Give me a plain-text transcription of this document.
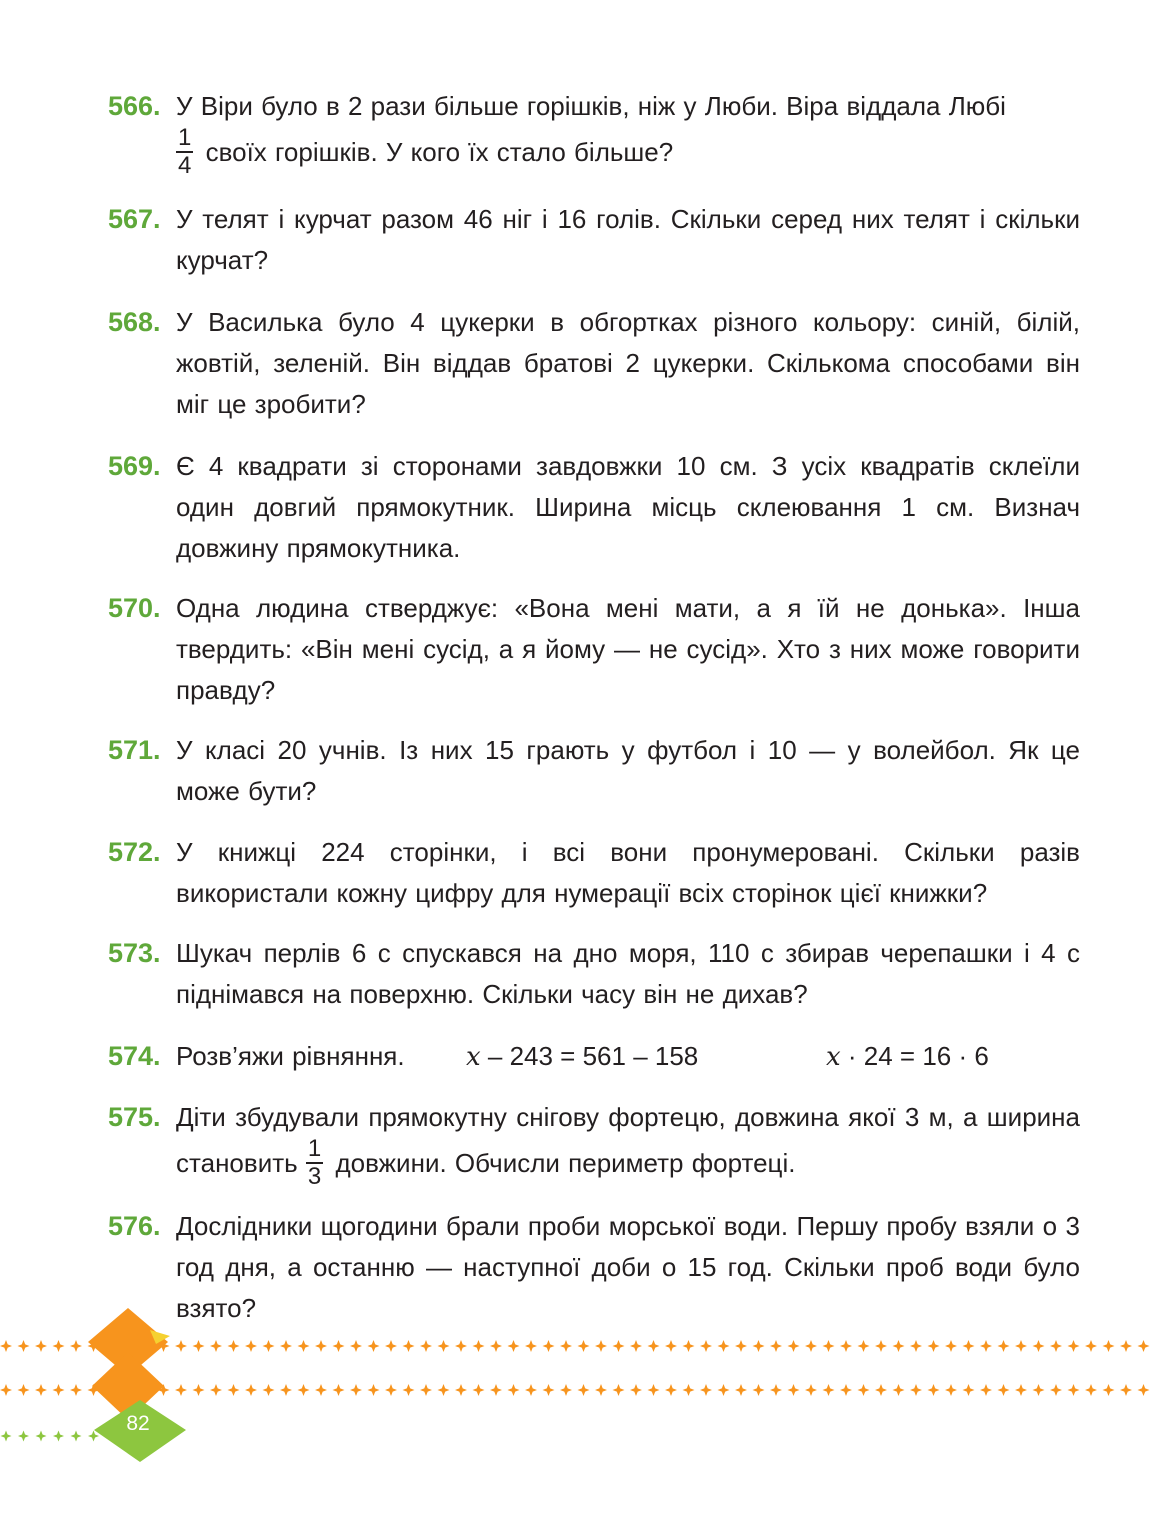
566. У Віри було в 2 рази більше горішків, ніж у Люби. Віра віддала Любі

$\frac{1}{4}$ своїх горішків. У кого їх стало більше?
567. У телят і курчат разом 46 ніг і 16 голів. Скільки серед них телят і скільки курчат?
568. У Василька було 4 цукерки в обгортках різного кольору: синій, білій, жовтій, зеленій. Він віддав братові 2 цукерки. Скількома способами він міг це зробити?
569. Є 4 квадрати зі сторонами завдовжки 10 см. З усіх квадратів склеїли один довгий прямокутник. Ширина місць склеювання 1 см. Визнач довжину прямокутника.
570. Одна людина стверджує: «Вона мені мати, а я їй не донька». Інша твердить: «Він мені сусід, а я йому — не сусід». Хто з них може говорити правду?
571. У класі 20 учнів. Із них 15 грають у футбол і 10 — у волейбол. Як це може бути?
572. У книжці 224 сторінки, і всі вони пронумеровані. Скільки разів використали кожну цифру для нумерації всіх сторінок цієї книжки?
573. Шукач перлів 6 с спускався на дно моря, 110 с збирав черепашки і 4 с піднімався на поверхню. Скільки часу він не дихав?
574. Розв’яжи рівняння.	x – 243 = 561 – 158	x · 24 = 16 · 6
575. Діти збудували прямокутну снігову фортецю, довжина якої 3 м, а ширина становить $\frac{1}{3}$ довжини. Обчисли периметр фортеці.
576. Дослідники щогодини брали проби морської води. Першу пробу взяли о 3 год дня, а останню — наступної доби о 15 год. Скільки проб води було взято?
82
